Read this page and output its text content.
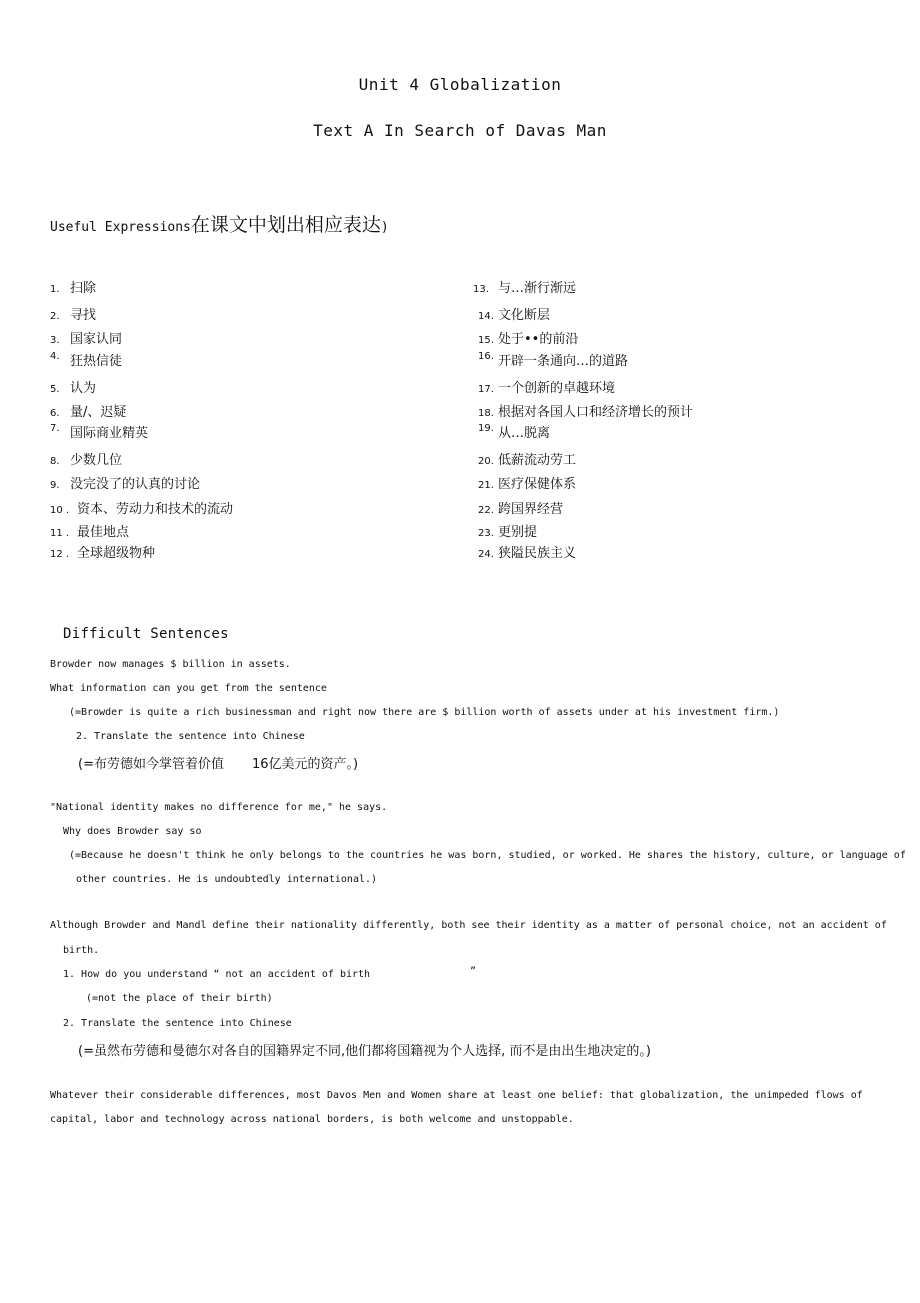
Unit 4 Globalization
Text A In Search of Davas Man
Useful Expressions在课文中划出相应表达)
1. 扫除
2. 寻找
3. 国家认同
4. 狂热信徒
5. 认为
6. 量/、迟疑
7. 国际商业精英
8. 少数几位
9. 没完没了的认真的讨论
10 . 资本、劳动力和技术的流动
11 . 最佳地点
12 . 全球超级物种
13. 与…渐行渐远
14. 文化断层
15. 处于••的前沿
16. 开辟一条通向…的道路
17. 一个创新的卓越环境
18. 根据对各国人口和经济增长的预计
19. 从…脱离
20. 低薪流动劳工
21. 医疗保健体系
22. 跨国界经营
23. 更别提
24. 狭隘民族主义
Difficult Sentences
Browder now manages $ billion in assets.
What information can you get from the sentence
(=Browder is quite a rich businessman and right now there are $ billion worth of assets under at his investment firm.)
2. Translate the sentence into Chinese
(=布劳德如今掌管着价值 16亿美元的资产。)
"National identity makes no difference for me," he says.
Why does Browder say so
(=Because he doesn't think he only belongs to the countries he was born, studied, or worked. He shares the history, culture, or language of
other countries. He is undoubtedly international.)
Although Browder and Mandl define their nationality differently, both see their identity as a matter of personal choice, not an accident of
birth.
1. How do you understand “ not an accident of birth	”
(=not the place of their birth)
2. Translate the sentence into Chinese
(=虽然布劳德和曼德尔对各自的国籍界定不同,他们都将国籍视为个人选择, 而不是由出生地决定的。)
Whatever their considerable differences, most Davos Men and Women share at least one belief: that globalization, the unimpeded flows of
capital, labor and technology across national borders, is both welcome and unstoppable.
